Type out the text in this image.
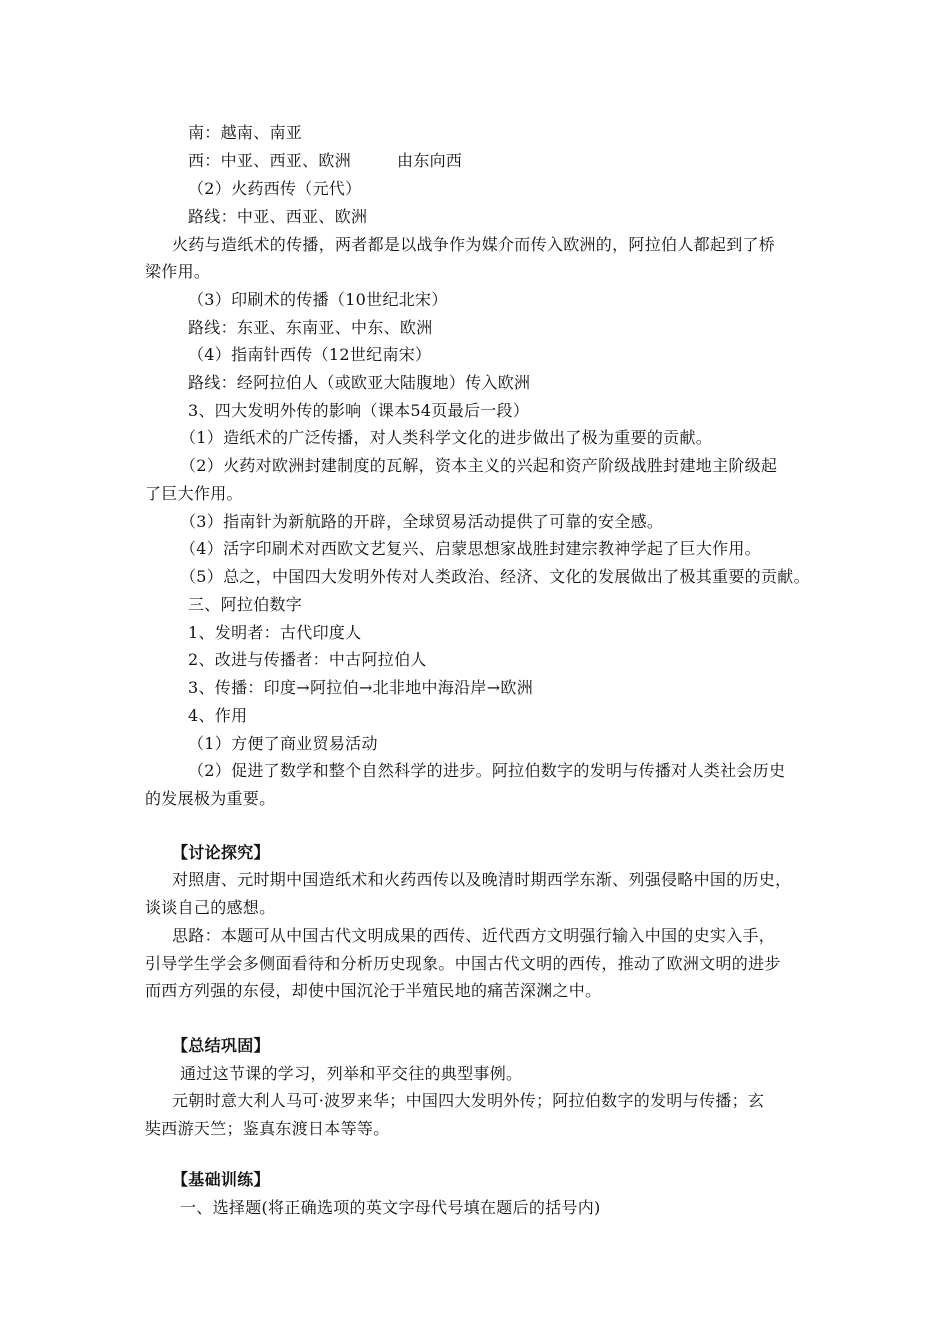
南：越南、南亚
西：中亚、西亚、欧洲	由东向西
（2）火药西传（元代）
路线：中亚、西亚、欧洲
火药与造纸术的传播，两者都是以战争作为媒介而传入欧洲的，阿拉伯人都起到了桥
梁作用。
（3）印刷术的传播（10世纪北宋）
路线：东亚、东南亚、中东、欧洲
（4）指南针西传（12世纪南宋）
路线：经阿拉伯人（或欧亚大陆腹地）传入欧洲
3、四大发明外传的影响（课本54页最后一段）
（1）造纸术的广泛传播，对人类科学文化的进步做出了极为重要的贡献。
（2）火药对欧洲封建制度的瓦解，资本主义的兴起和资产阶级战胜封建地主阶级起
了巨大作用。
（3）指南针为新航路的开辟，全球贸易活动提供了可靠的安全感。
（4）活字印刷术对西欧文艺复兴、启蒙思想家战胜封建宗教神学起了巨大作用。
（5）总之，中国四大发明外传对人类政治、经济、文化的发展做出了极其重要的贡献。
三、阿拉伯数字
1、发明者：古代印度人
2、改进与传播者：中古阿拉伯人
3、传播：印度→阿拉伯→北非地中海沿岸→欧洲
4、作用
（1）方便了商业贸易活动
（2）促进了数学和整个自然科学的进步。阿拉伯数字的发明与传播对人类社会历史
的发展极为重要。
【讨论探究】
对照唐、元时期中国造纸术和火药西传以及晚清时期西学东渐、列强侵略中国的历史，
谈谈自己的感想。
思路：本题可从中国古代文明成果的西传、近代西方文明强行输入中国的史实入手，
引导学生学会多侧面看待和分析历史现象。中国古代文明的西传，推动了欧洲文明的进步
而西方列强的东侵，却使中国沉沦于半殖民地的痛苦深渊之中。
【总结巩固】
通过这节课的学习，列举和平交往的典型事例。
元朝时意大利人马可·波罗来华；中国四大发明外传；阿拉伯数字的发明与传播；玄
奘西游天竺；鉴真东渡日本等等。
【基础训练】
一、选择题(将正确选项的英文字母代号填在题后的括号内)
